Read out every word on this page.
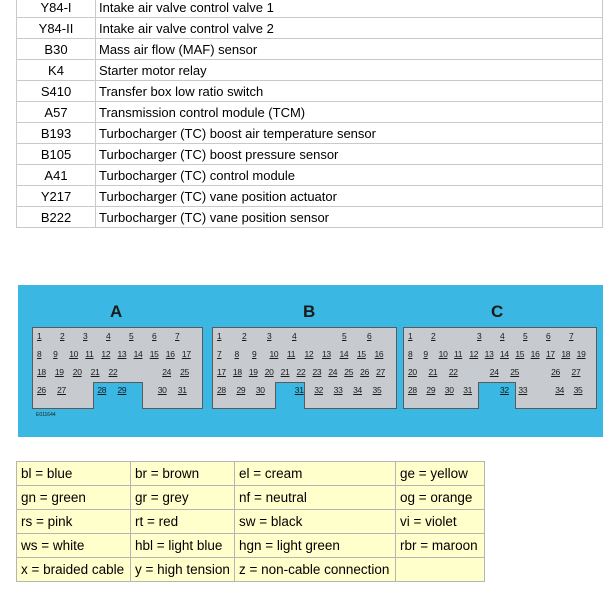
Y84-I	Intake air valve control valve 1
Y84-II	Intake air valve control valve 2
B30	Mass air flow (MAF) sensor
K4	Starter motor relay
S410	Transfer box low ratio switch
A57	Transmission control module (TCM)
B193	Turbocharger (TC) boost air temperature sensor
B105	Turbocharger (TC) boost pressure sensor
A41	Turbocharger (TC) control module
Y217	Turbocharger (TC) vane position actuator
B222	Turbocharger (TC) vane position sensor
A	B	C
1 2 3 4 5 6 7
8 9 10 11 12 13 14 15 16 17
18 19 20 21 22	24 25
26 27	28 29	30 31
1 2 3 4	5 6
7 8 9 10 11 12 13 14 15 16
17 18 19 20 21 22 23 24 25 26 27
28 29 30	31 32 33 34 35
1 2	3 4 5 6 7
8 9 10 11 12 13 14 15 16 17 18 19
20 21 22	24 25	26 27
28 29 30 31	32 33	34 35
E011644
bl = blue	br = brown	el = cream	ge = yellow
gn = green	gr = grey	nf = neutral	og = orange
rs = pink	rt = red	sw = black	vi = violet
ws = white	hbl = light blue	hgn = light green	rbr = maroon
x = braided cable	y = high tension	z = non-cable connection	
